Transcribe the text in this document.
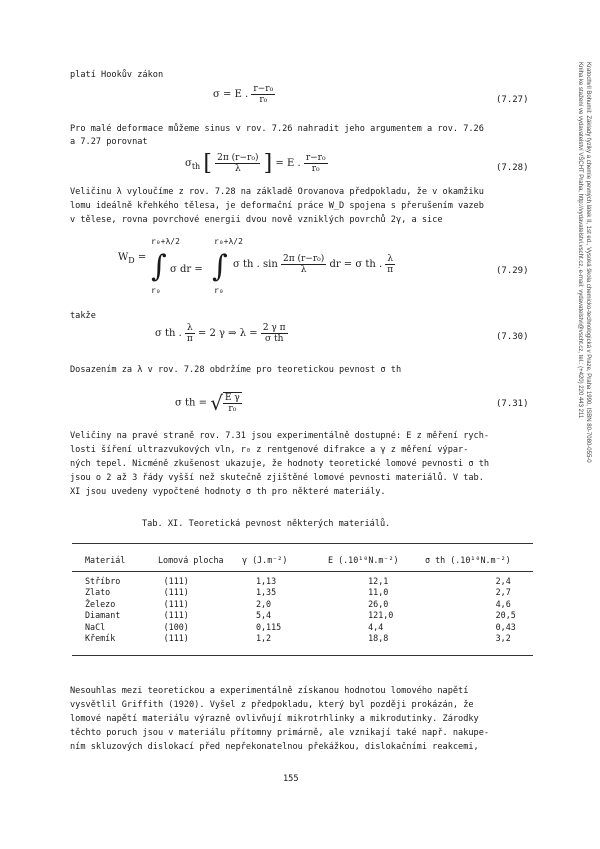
Kratochvíl Bohumil: Základy fyziky a chemie pevných látek II, 1st ed., Vysoká škola chemicko-technologická v Praze, Praha 1990, ISBN 80-7080-055-0
Kniha ke stažení ve vydavatelství VŠCHT Praha, http://vydavatelstvi.vscht.cz, e-mail: vydavatelstvi@vscht.cz, tel.: (+420) 220 443 211
platí Hookův zákon
σ = E . $\frac{\text{r−r₀}}{\text{r₀}}$	(7.27)
Pro malé deformace můžeme sinus v rov. 7.26 nahradit jeho argumentem a rov. 7.26
a 7.27 porovnat
$\sigma_{th}$ [ $\frac{\text{2π (r−r₀)}}{\lambda}$ ] = E . $\frac{\text{r−r₀}}{\text{r₀}}$	(7.28)
Veličinu λ vyloučíme z rov. 7.28 na základě Orovanova předpokladu, že v okamžiku
lomu ideálně křehkého tělesa, je deformační práce W_D spojena s přerušením vazeb
v tělese, rovna povrchové energii dvou nově vzniklých povrchů 2γ, a sice
$W_D$ = ∫
r₀+λ/2
r₀
σ dr = ∫
r₀+λ/2
r₀
σ th . $\sin \frac{\text{2π (r−r₀)}}{\lambda}$ dr = σ th . $\frac{\lambda}{\pi}$	(7.29)
takže
σ th . $\frac{\lambda}{\pi} = 2$ γ ⇒ $\lambda = \frac{\text{2 γ π}}{\text{σ th}}$	(7.30)
Dosazením za λ v rov. 7.28 obdržíme pro teoretickou pevnost σ th
σ th = √ $\frac{\text{E γ}}{\text{r₀}}$	(7.31)
Veličiny na pravé straně rov. 7.31 jsou experimentálně dostupné: E z měření rych-
losti šíření ultrazvukových vln, r₀ z rentgenové difrakce a γ z měření výpar-
ných tepel. Nicméně zkušenost ukazuje, že hodnoty teoretické lomové pevnosti σ th
jsou o 2 až 3 řády vyšší než skutečně zjištěné lomové pevnosti materiálů. V tab.
XI jsou uvedeny vypočtené hodnoty σ th pro některé materiály.
Tab. XI. Teoretická pevnost některých materiálů.
Materiál	Lomová plocha	γ (J.m⁻²)	E (.10¹⁰N.m⁻²)	σ th (.10¹⁰N.m⁻²)
Stříbro	(111)	1,13	12,1	2,4
Zlato	(111)	1,35	11,0	2,7
Železo	(111)	2,0	26,0	4,6
Diamant	(111)	5,4	121,0	20,5
NaCl	(100)	0,115	4,4	0,43
Křemík	(111)	1,2	18,8	3,2
Nesouhlas mezi teoretickou a experimentálně získanou hodnotou lomového napětí
vysvětlil Griffith (1920). Vyšel z předpokladu, který byl později prokázán, že
lomové napětí materiálu výrazně ovlivňují mikrotrhlinky a mikrodutinky. Zárodky
těchto poruch jsou v materiálu přítomny primárně, ale vznikají také např. nakupe-
ním skluzových dislokací před nepřekonatelnou překážkou, dislokačními reakcemi,
155
